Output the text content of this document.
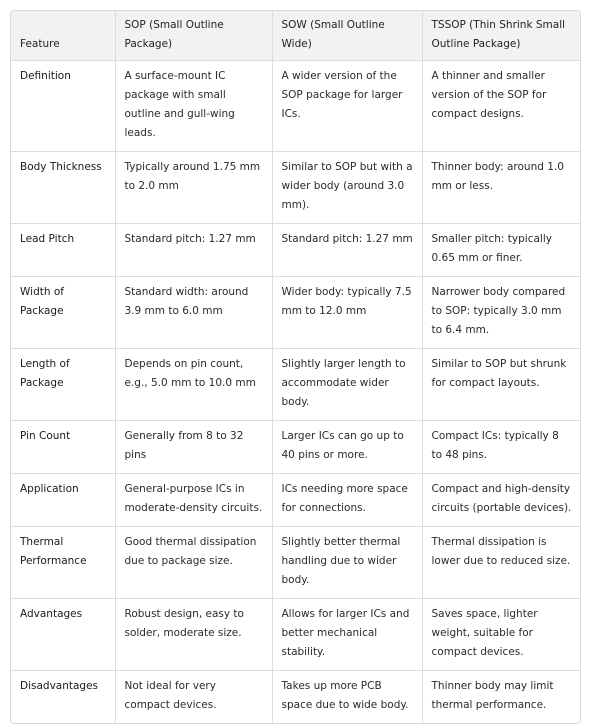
Feature	SOP (Small Outline Package)	SOW (Small Outline Wide)	TSSOP (Thin Shrink Small Outline Package)
Definition	A surface-mount IC package with small outline and gull-wing leads.	A wider version of the SOP package for larger ICs.	A thinner and smaller version of the SOP for compact designs.
Body Thickness	Typically around 1.75 mm to 2.0 mm	Similar to SOP but with a wider body (around 3.0 mm).	Thinner body: around 1.0 mm or less.
Lead Pitch	Standard pitch: 1.27 mm	Standard pitch: 1.27 mm	Smaller pitch: typically 0.65 mm or finer.
Width of Package	Standard width: around 3.9 mm to 6.0 mm	Wider body: typically 7.5 mm to 12.0 mm	Narrower body compared to SOP: typically 3.0 mm to 6.4 mm.
Length of Package	Depends on pin count, e.g., 5.0 mm to 10.0 mm	Slightly larger length to accommodate wider body.	Similar to SOP but shrunk for compact layouts.
Pin Count	Generally from 8 to 32 pins	Larger ICs can go up to 40 pins or more.	Compact ICs: typically 8 to 48 pins.
Application	General-purpose ICs in moderate-density circuits.	ICs needing more space for connections.	Compact and high-density circuits (portable devices).
Thermal Performance	Good thermal dissipation due to package size.	Slightly better thermal handling due to wider body.	Thermal dissipation is lower due to reduced size.
Advantages	Robust design, easy to solder, moderate size.	Allows for larger ICs and better mechanical stability.	Saves space, lighter weight, suitable for compact devices.
Disadvantages	Not ideal for very compact devices.	Takes up more PCB space due to wide body.	Thinner body may limit thermal performance.
